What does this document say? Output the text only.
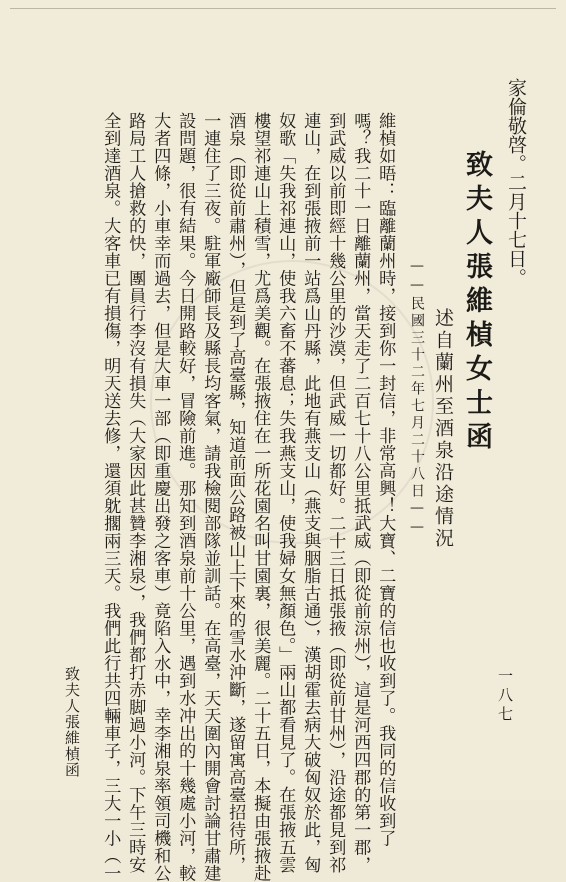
家倫敬啓。二月十七日。
致夫人張維楨女士函
述自蘭州至酒泉沿途情況
——民國三十二年七月二十八日——
維楨如晤：臨離蘭州時，接到你一封信，非常高興！大寶、二寶的信也收到了。我同的信收到了
嗎？我二十一日離蘭州，當天走了二百七十八公里抵武威（即從前涼州），這是河西四郡的第一郡，
到武威以前即經十幾公里的沙漠，但武威一切都好。二十三日抵張掖（即從前甘州），沿途都見到祁
連山，在到張掖前一站爲山丹縣，此地有燕支山（燕支與胭脂古通），漢胡霍去病大破匈奴於此，匈
奴歌「失我祁連山，使我六畜不蕃息；失我燕支山，使我婦女無顏色。」兩山都看見了。在張掖五雲
樓望祁連山上積雪，尤爲美觀。在張掖住在一所花園名叫甘園裏，很美麗。二十五日，本擬由張掖赴
酒泉（即從前肅州），但是到了高臺縣，知道前面公路被山上下來的雪水沖斷，遂留寓高臺招待所，
一連住了三夜。駐軍廠師長及縣長均客氣，請我檢閱部隊並訓話。在高臺，天天圍內開會討論甘肅建
設問題，很有結果。今日開路較好，冒險前進。那知到酒泉前十公里，遇到水冲出的十幾處小河，較
大者四條，小車幸而過去，但是大車一部（即重慶出發之客車）竟陷入水中，幸李湘泉率領司機和公
路局工人搶救的快，團員行李沒有損失（大家因此甚贊李湘泉），我們都打赤脚過小河。下午三時安
全到達酒泉。大客車已有損傷，明天送去修，還須躭擱兩三天。我們此行共四輛車子，三大一小（一
致夫人張維楨函	一八七
